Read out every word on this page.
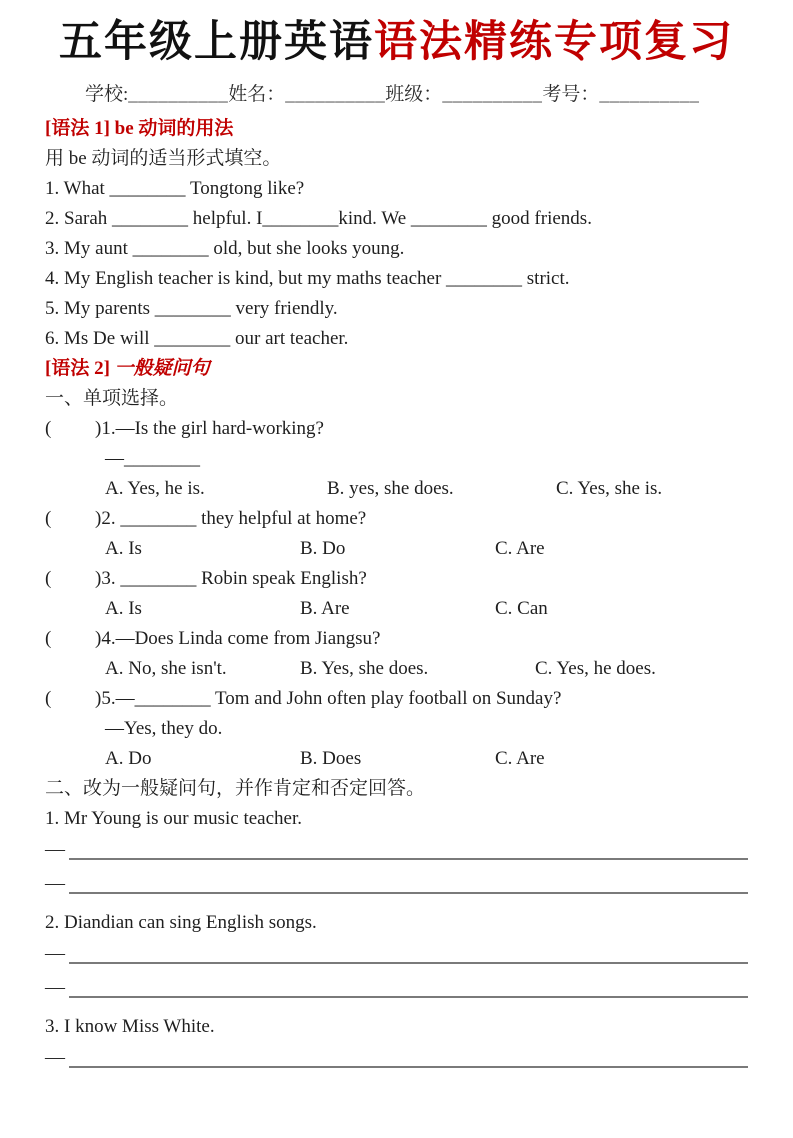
五年级上册英语语法精练专项复习
学校:__________姓名：__________班级：__________考号：__________
[语法 1] be 动词的用法
用 be 动词的适当形式填空。
1. What ________ Tongtong like?
2. Sarah ________ helpful. I________kind. We ________ good friends.
3. My aunt ________ old, but she looks young.
4. My English teacher is kind, but my maths teacher ________ strict.
5. My parents ________ very friendly.
6. Ms De will ________ our art teacher.
[语法 2] 一般疑问句
一、单项选择。
( )1.—Is the girl hard-working?
—________
A. Yes, he is.	B. yes, she does.	C. Yes, she is.
( )2. ________ they helpful at home?
A. Is	B. Do	C. Are
( )3. ________ Robin speak English?
A. Is	B. Are	C. Can
( )4.—Does Linda come from Jiangsu?
A. No, she isn't.	B. Yes, she does.	C. Yes, he does.
( )5.—________ Tom and John often play football on Sunday?
—Yes, they do.
A. Do	B. Does	C. Are
二、改为一般疑问句，并作肯定和否定回答。
1. Mr Young is our music teacher.
—
—
2. Diandian can sing English songs.
—
—
3. I know Miss White.
—
